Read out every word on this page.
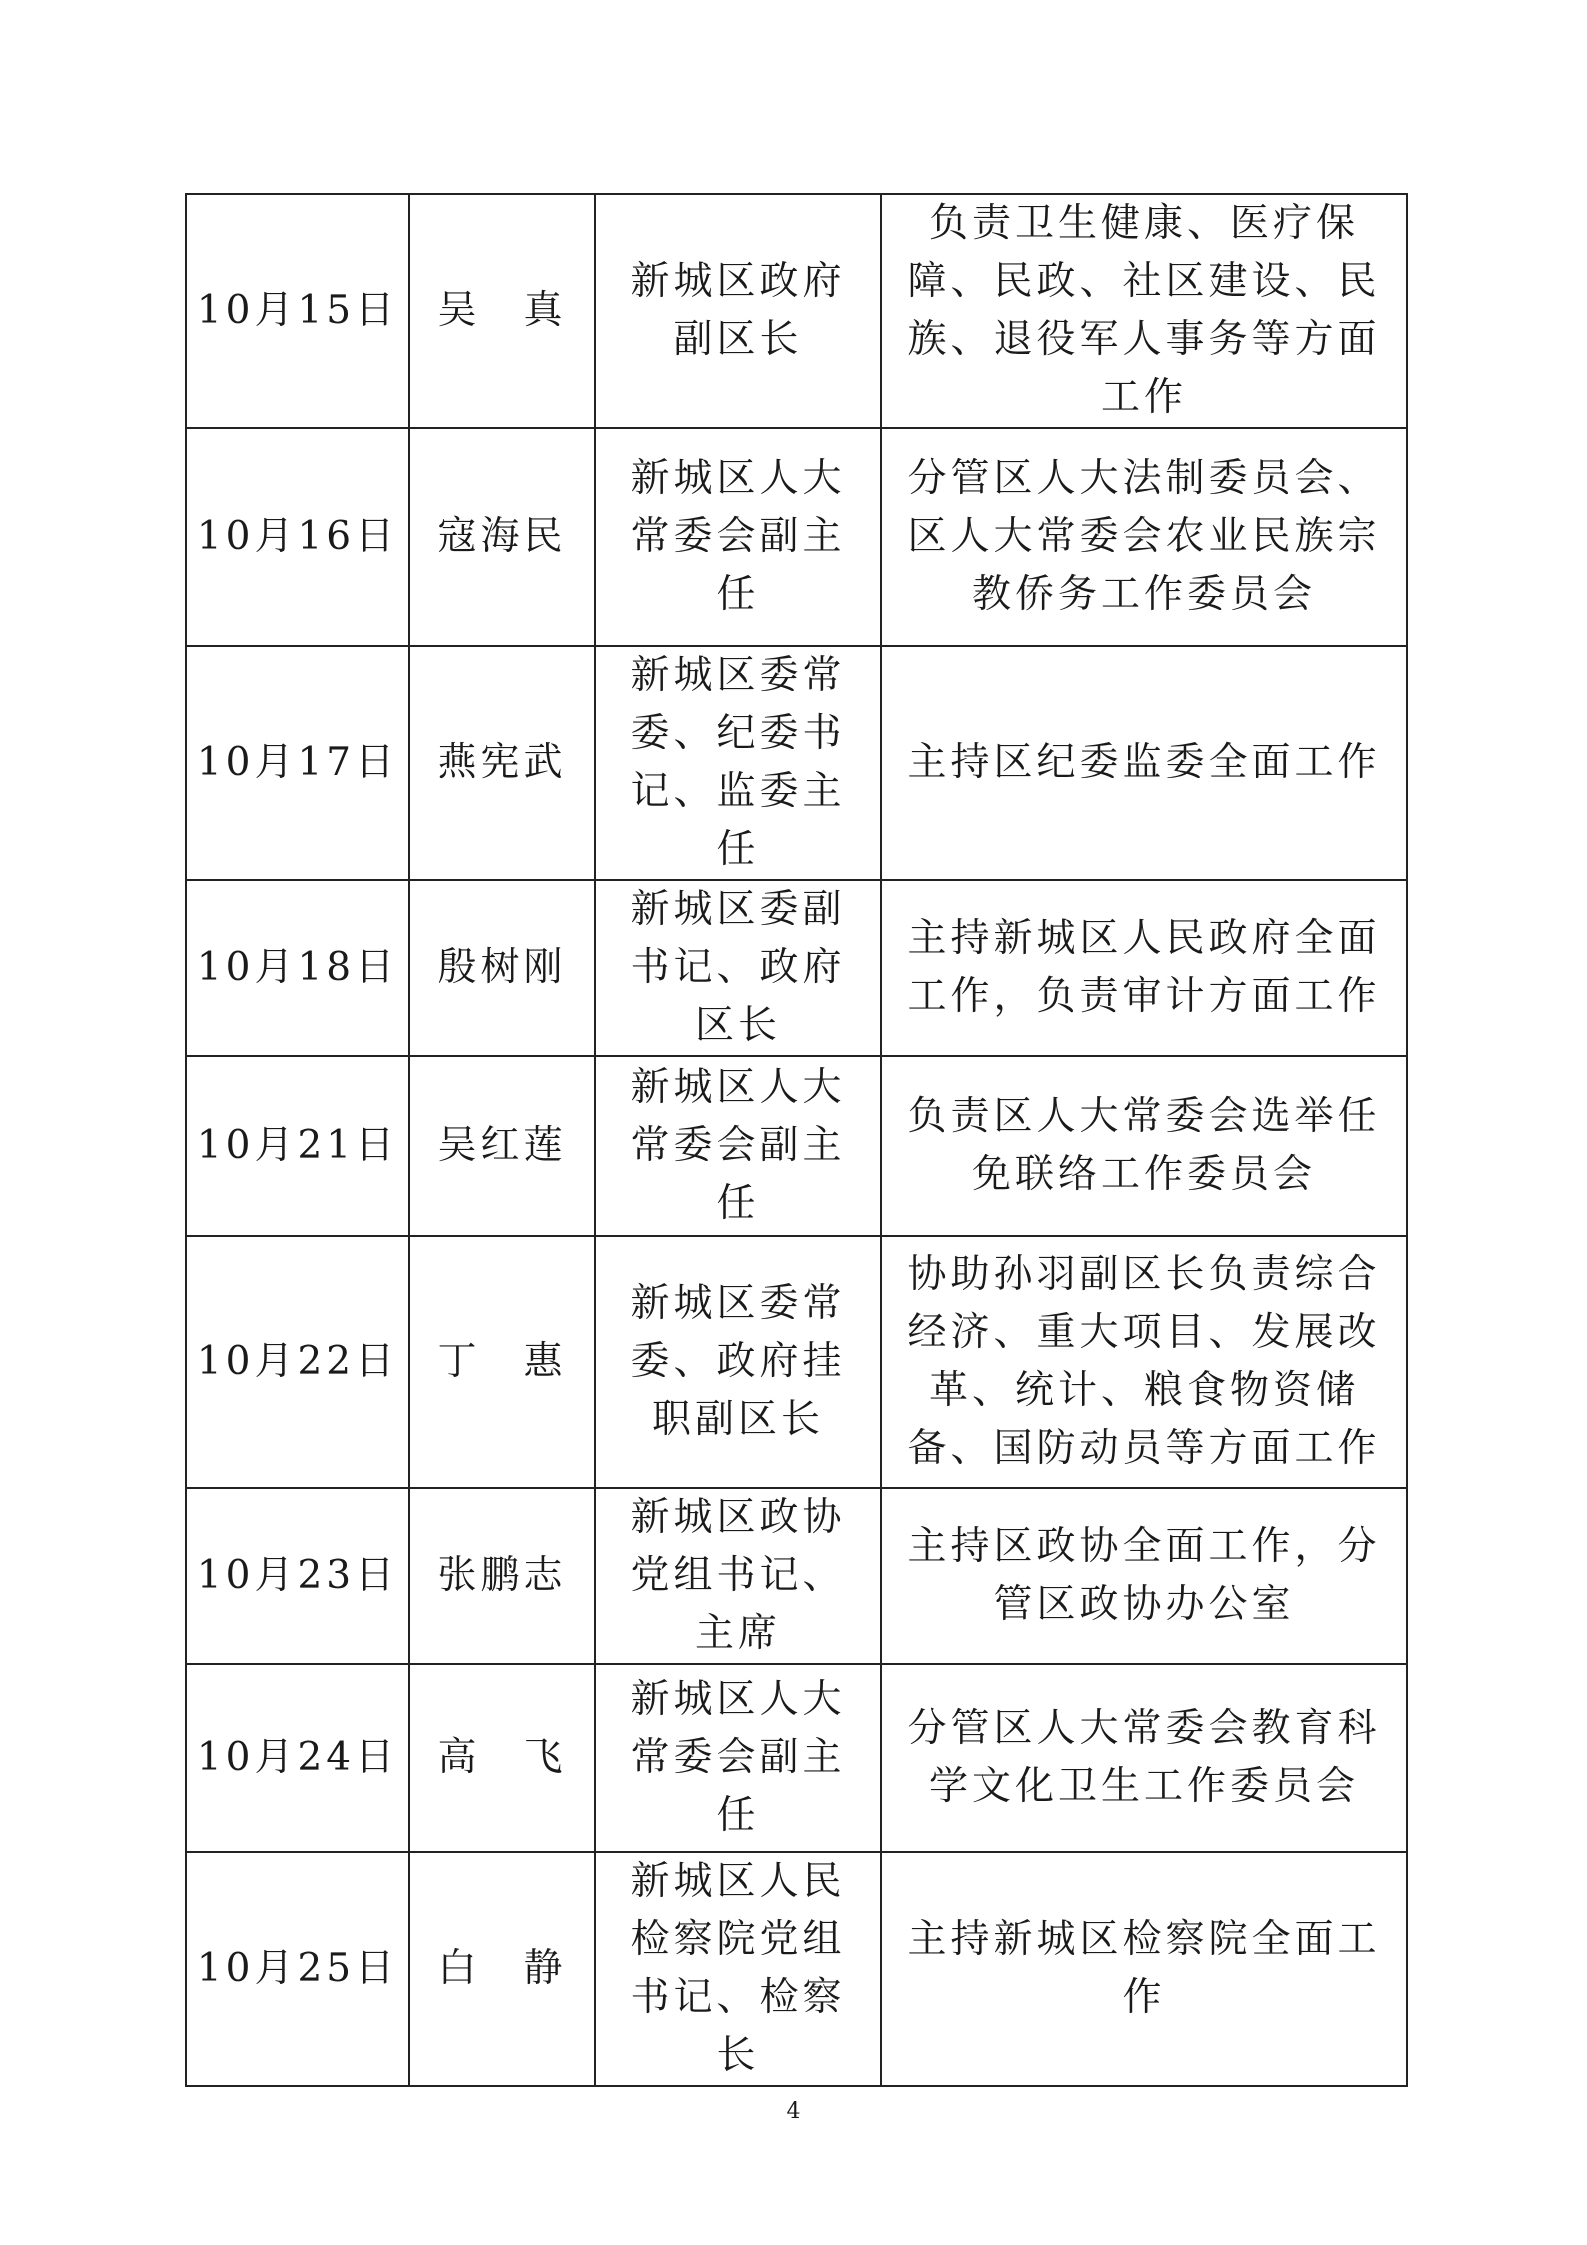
10月15日	吴　真	新城区政府副区长	负责卫生健康、医疗保障、民政、社区建设、民族、退役军人事务等方面工作
10月16日	寇海民	新城区人大常委会副主任	分管区人大法制委员会、区人大常委会农业民族宗教侨务工作委员会
10月17日	燕宪武	新城区委常委、纪委书记、监委主任	主持区纪委监委全面工作
10月18日	殷树刚	新城区委副书记、政府区长	主持新城区人民政府全面工作，负责审计方面工作
10月21日	吴红莲	新城区人大常委会副主任	负责区人大常委会选举任免联络工作委员会
10月22日	丁　惠	新城区委常委、政府挂职副区长	协助孙羽副区长负责综合经济、重大项目、发展改革、统计、粮食物资储备、国防动员等方面工作
10月23日	张鹏志	新城区政协党组书记、主席	主持区政协全面工作，分管区政协办公室
10月24日	高　飞	新城区人大常委会副主任	分管区人大常委会教育科学文化卫生工作委员会
10月25日	白　静	新城区人民检察院党组书记、检察长	主持新城区检察院全面工作
4
